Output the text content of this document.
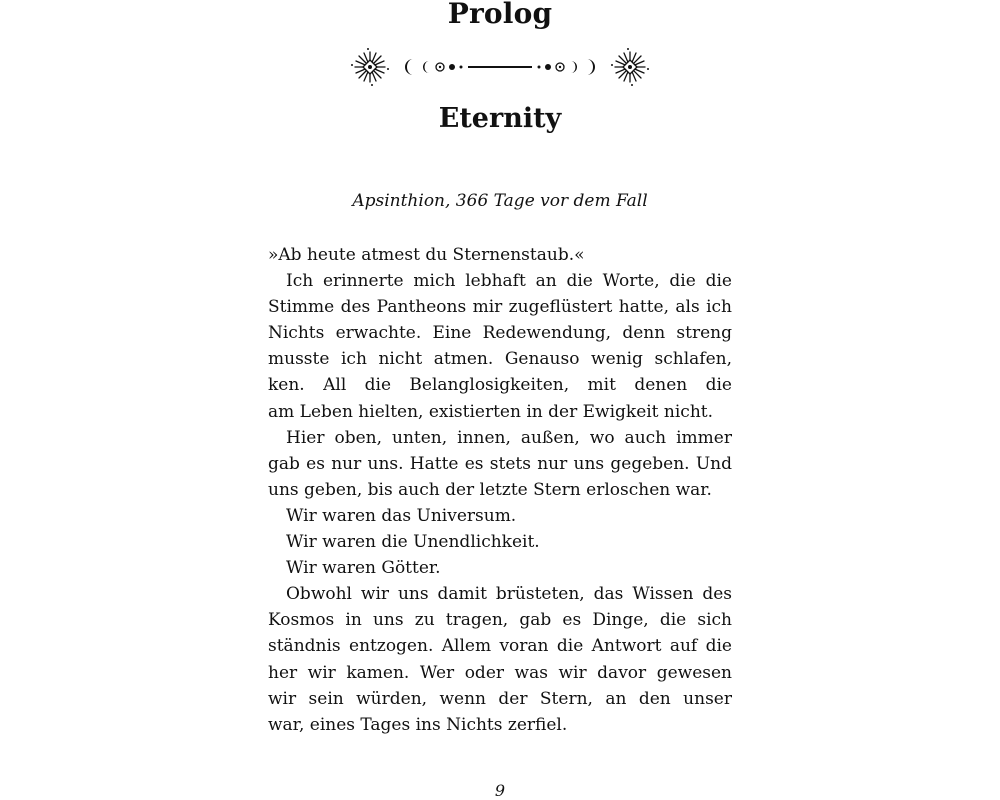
Prolog
Eternity
Apsinthion, 366 Tage vor dem Fall
»Ab heute atmest du Sternenstaub.«
Ich erinnerte mich lebhaft an die Worte, die die
Stimme des Pantheons mir zugeflüstert hatte, als ich
Nichts erwachte. Eine Redewendung, denn streng
musste ich nicht atmen. Genauso wenig schlafen,
ken. All die Belanglosigkeiten, mit denen die
am Leben hielten, existierten in der Ewigkeit nicht.
Hier oben, unten, innen, außen, wo auch immer
gab es nur uns. Hatte es stets nur uns gegeben. Und
uns geben, bis auch der letzte Stern erloschen war.
Wir waren das Universum.
Wir waren die Unendlichkeit.
Wir waren Götter.
Obwohl wir uns damit brüsteten, das Wissen des
Kosmos in uns zu tragen, gab es Dinge, die sich
ständnis entzogen. Allem voran die Antwort auf die
her wir kamen. Wer oder was wir davor gewesen
wir sein würden, wenn der Stern, an den unser
war, eines Tages ins Nichts zerfiel.
9
